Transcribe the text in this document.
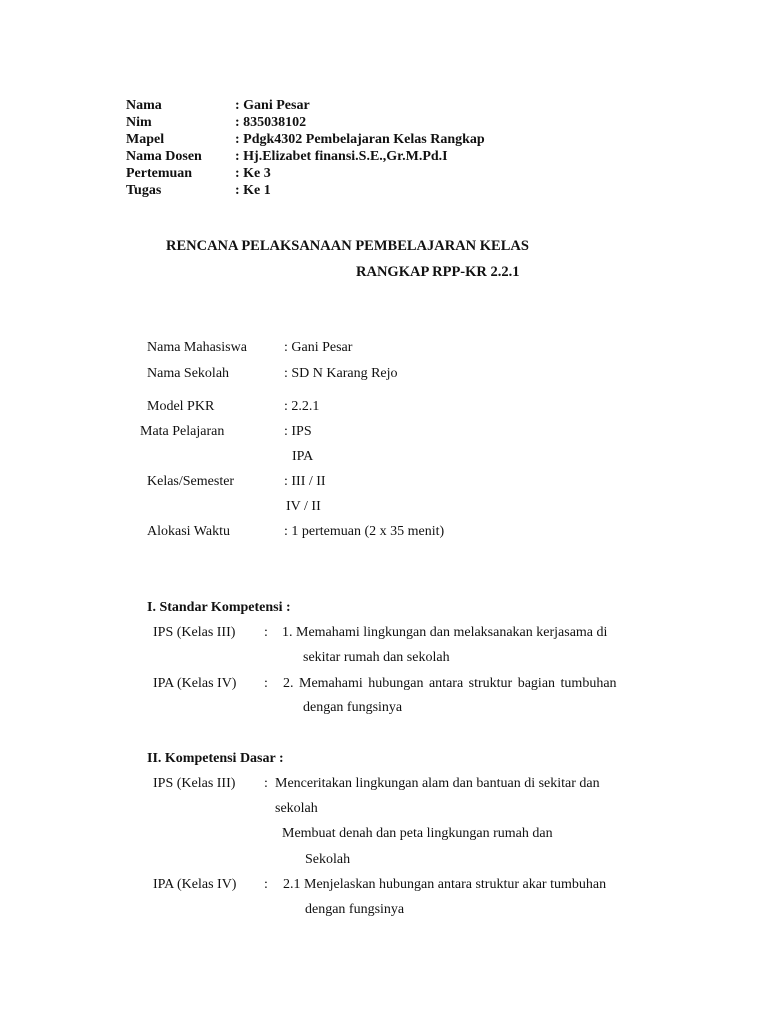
Nama	: Gani Pesar
Nim	: 835038102
Mapel	: Pdgk4302 Pembelajaran Kelas Rangkap
Nama Dosen : Hj.Elizabet finansi.S.E.,Gr.M.Pd.I
Pertemuan	: Ke 3
Tugas	: Ke 1
RENCANA PELAKSANAAN PEMBELAJARAN KELAS
RANGKAP RPP-KR 2.2.1
Nama Mahasiswa	: Gani Pesar
Nama Sekolah	: SD N Karang Rejo
Model PKR	: 2.2.1
Mata Pelajaran	: IPS
IPA
Kelas/Semester	: III / II
IV / II
Alokasi Waktu	: 1 pertemuan (2 x 35 menit)
I. Standar Kompetensi :
IPS (Kelas III) : 1. Memahami lingkungan dan melaksanakan kerjasama di
sekitar rumah dan sekolah
IPA (Kelas IV) : 2. Memahami hubungan antara struktur bagian tumbuhan
dengan fungsinya
II. Kompetensi Dasar :
IPS (Kelas III) : Menceritakan lingkungan alam dan bantuan di sekitar dan
sekolah
Membuat denah dan peta lingkungan rumah dan
Sekolah
IPA (Kelas IV) : 2.1 Menjelaskan hubungan antara struktur akar tumbuhan
dengan fungsinya
